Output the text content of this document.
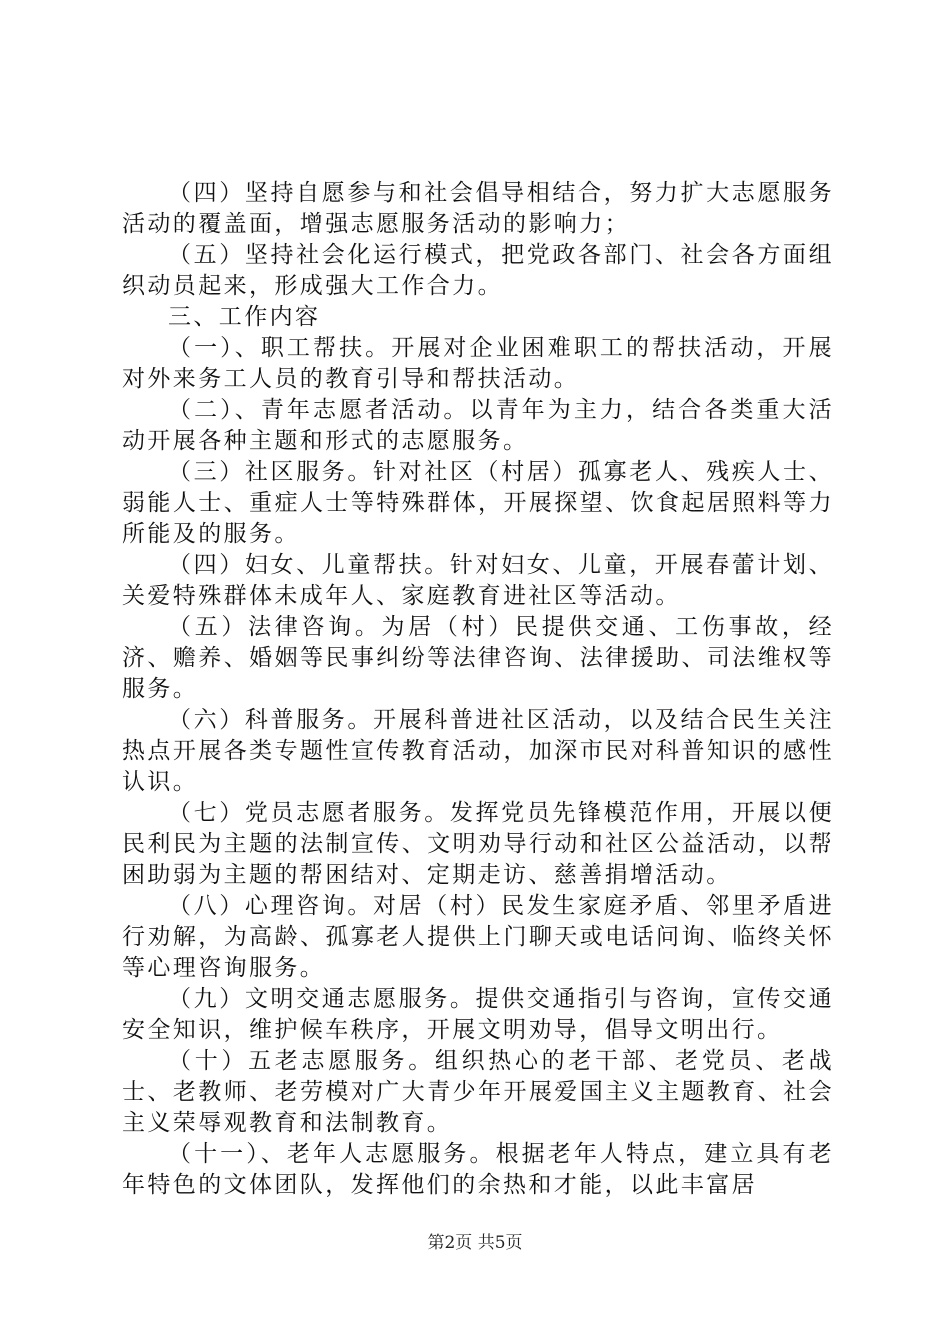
（四）坚持自愿参与和社会倡导相结合，努力扩大志愿服务活动的覆盖面，增强志愿服务活动的影响力；

（五）坚持社会化运行模式，把党政各部门、社会各方面组织动员起来，形成强大工作合力。

三、工作内容

（一）、职工帮扶。开展对企业困难职工的帮扶活动，开展对外来务工人员的教育引导和帮扶活动。

（二）、青年志愿者活动。以青年为主力，结合各类重大活动开展各种主题和形式的志愿服务。

（三）社区服务。针对社区（村居）孤寡老人、残疾人士、弱能人士、重症人士等特殊群体，开展探望、饮食起居照料等力所能及的服务。

（四）妇女、儿童帮扶。针对妇女、儿童，开展春蕾计划、关爱特殊群体未成年人、家庭教育进社区等活动。

（五）法律咨询。为居（村）民提供交通、工伤事故，经济、赡养、婚姻等民事纠纷等法律咨询、法律援助、司法维权等服务。

（六）科普服务。开展科普进社区活动，以及结合民生关注热点开展各类专题性宣传教育活动，加深市民对科普知识的感性认识。

（七）党员志愿者服务。发挥党员先锋模范作用，开展以便民利民为主题的法制宣传、文明劝导行动和社区公益活动，以帮困助弱为主题的帮困结对、定期走访、慈善捐增活动。

（八）心理咨询。对居（村）民发生家庭矛盾、邻里矛盾进行劝解，为高龄、孤寡老人提供上门聊天或电话问询、临终关怀等心理咨询服务。

（九）文明交通志愿服务。提供交通指引与咨询，宣传交通安全知识，维护候车秩序，开展文明劝导，倡导文明出行。

（十）五老志愿服务。组织热心的老干部、老党员、老战士、老教师、老劳模对广大青少年开展爱国主义主题教育、社会主义荣辱观教育和法制教育。

（十一）、老年人志愿服务。根据老年人特点，建立具有老年特色的文体团队，发挥他们的余热和才能，以此丰富居

第2页 共5页
